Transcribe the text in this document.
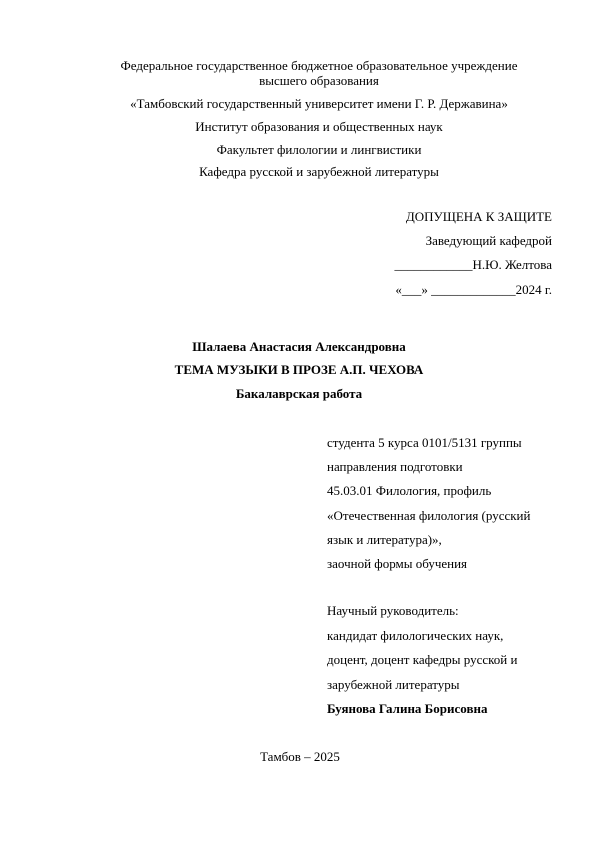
Федеральное государственное бюджетное образовательное учреждение
высшего образования
«Тамбовский государственный университет имени Г. Р. Державина»
Институт образования и общественных наук
Факультет филологии и лингвистики
Кафедра русской и зарубежной литературы
ДОПУЩЕНА К ЗАЩИТЕ
Заведующий кафедрой
____________Н.Ю. Желтова
«___» _____________2024 г.
Шалаева Анастасия Александровна
ТЕМА МУЗЫКИ В ПРОЗЕ А.П. ЧЕХОВА
Бакалаврская работа
студента 5 курса 0101/5131 группы
направления подготовки
45.03.01 Филология, профиль
«Отечественная филология (русский
язык и литература)»,
заочной формы обучения
Научный руководитель:
кандидат филологических наук,
доцент, доцент кафедры русской и
зарубежной литературы
Буянова Галина Борисовна
Тамбов – 2025
